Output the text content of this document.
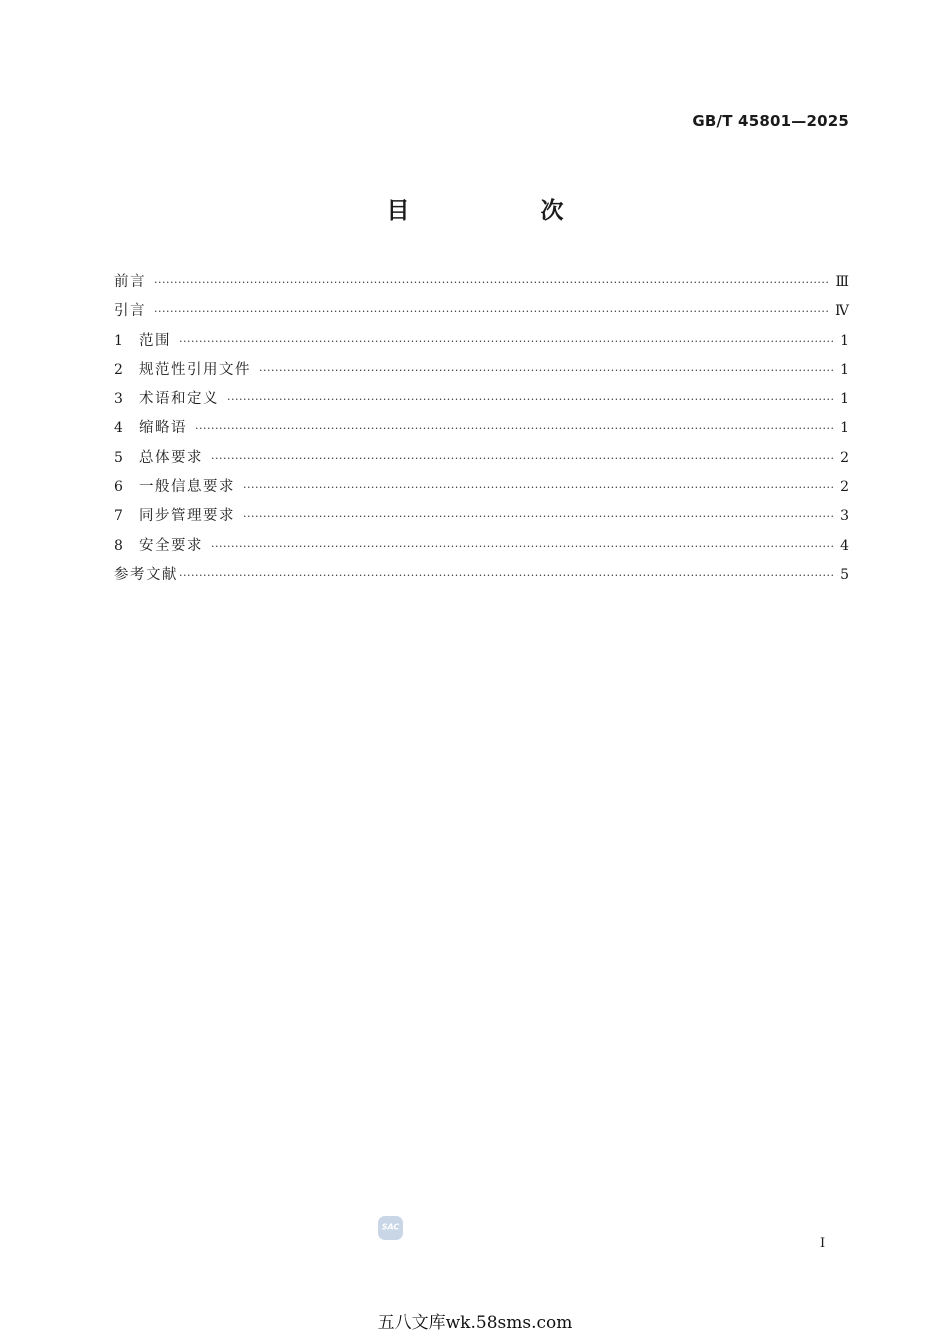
GB/T 45801—2025
目　次
前言 ·····	Ⅲ
引言 ·····	Ⅳ
1	范围 ·····	1
2	规范性引用文件 ·····	1
3	术语和定义 ·····	1
4	缩略语 ·····	1
5	总体要求 ·····	2
6	一般信息要求 ·····	2
7	同步管理要求 ·····	3
8	安全要求 ·····	4
参考文献 ·····	5
SAC
I
五八文库wk.58sms.com
